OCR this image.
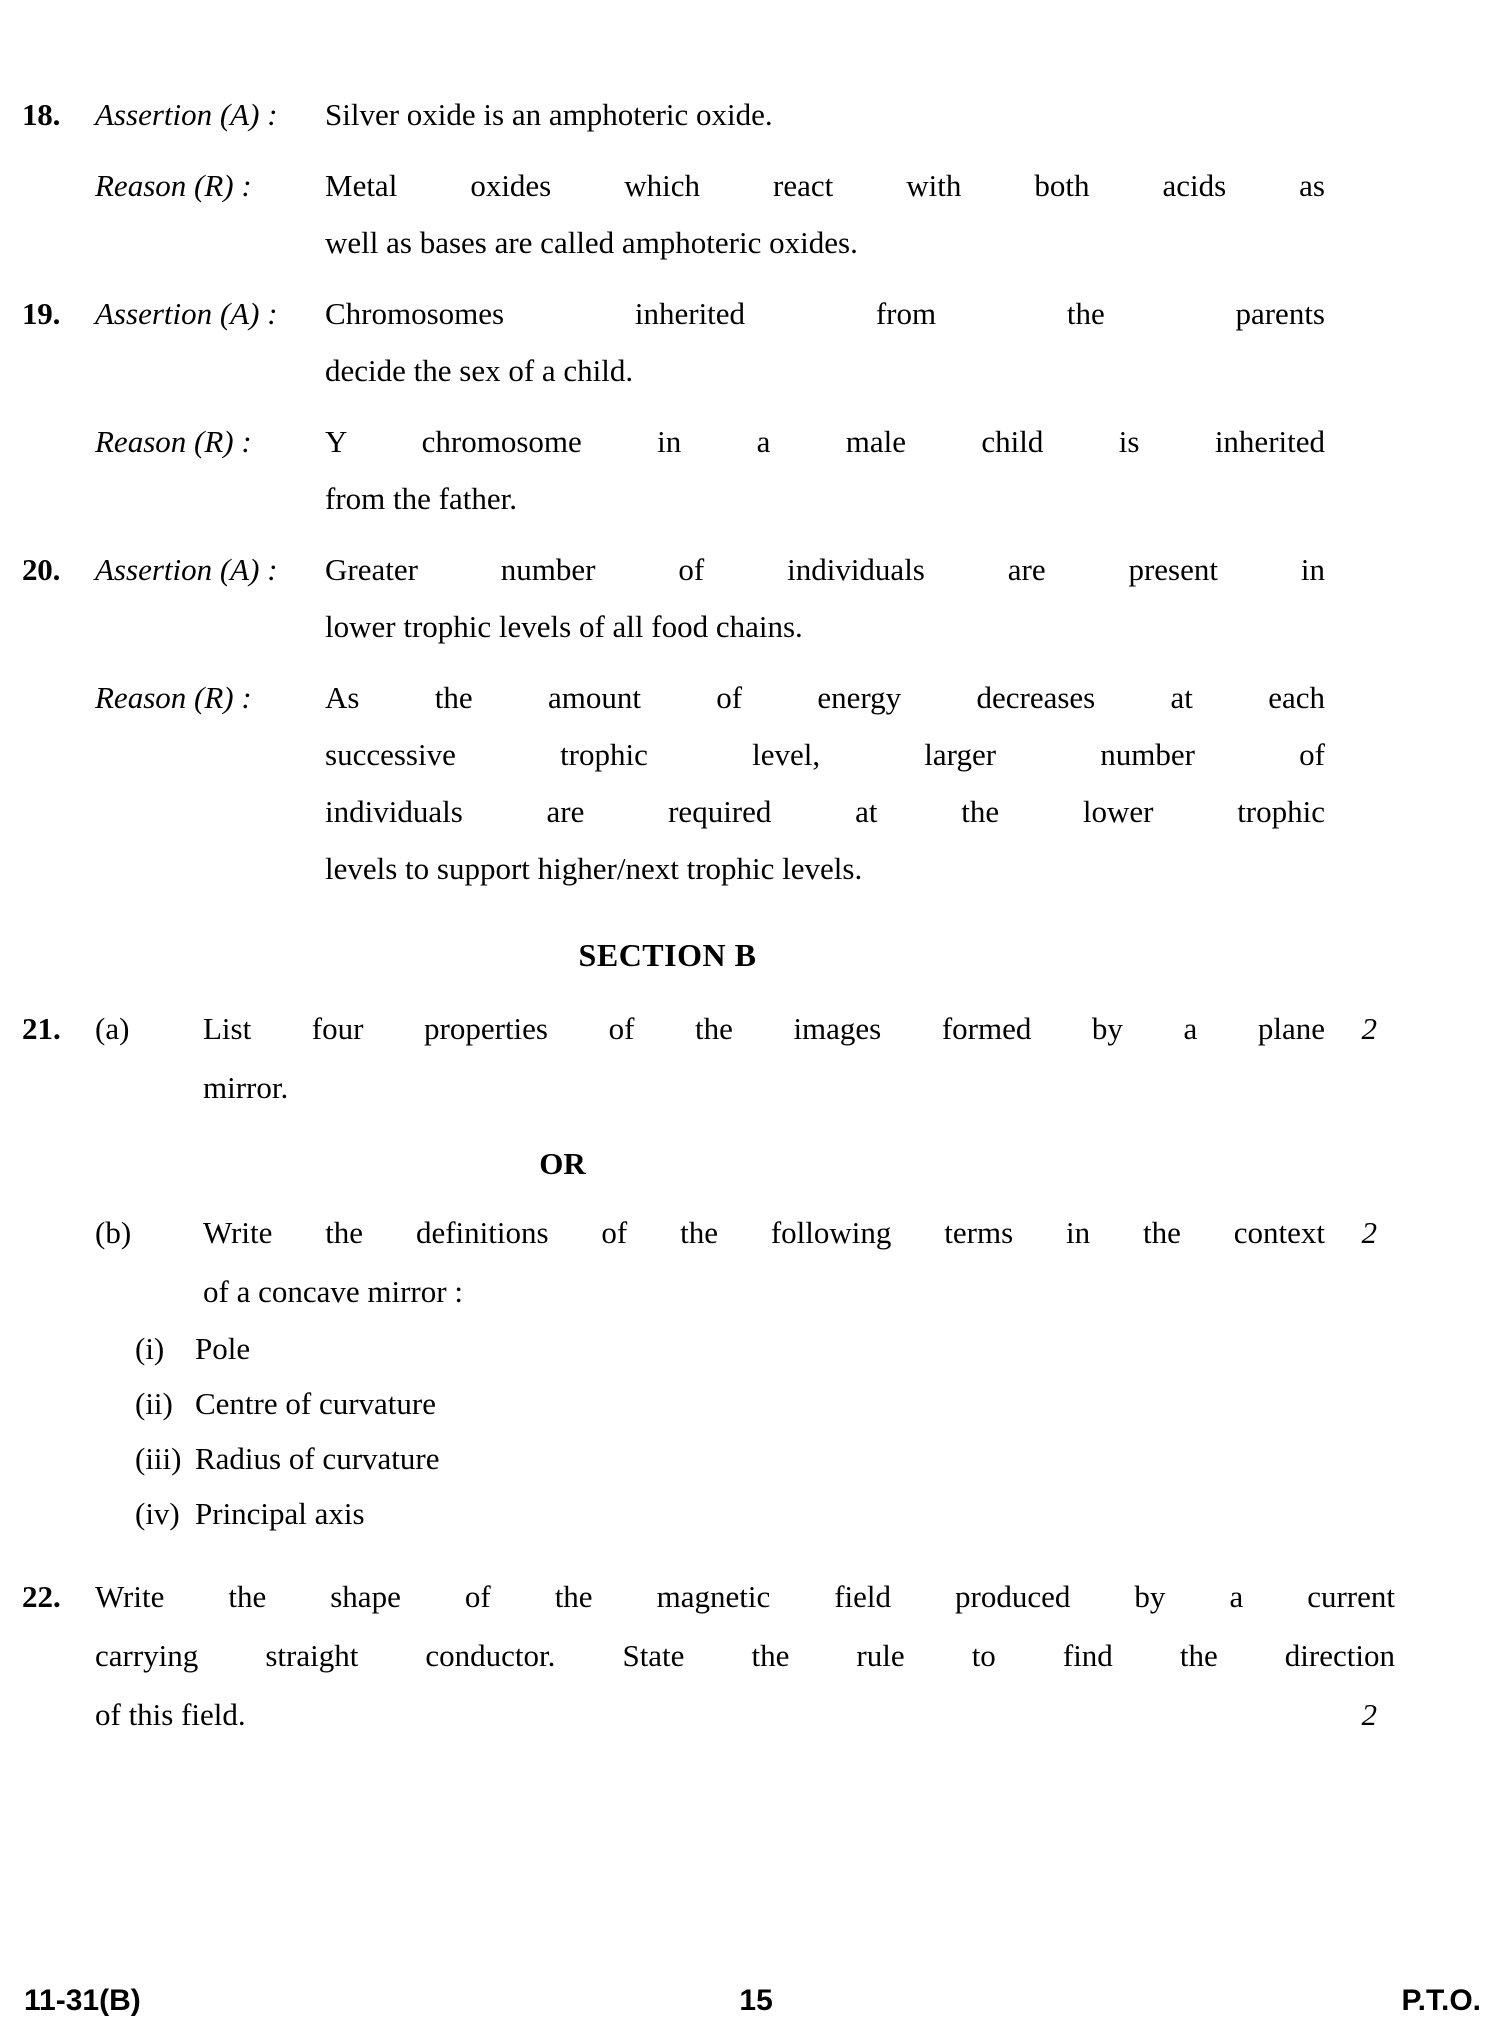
18.	Assertion (A) :	Silver oxide is an amphoteric oxide.
Reason (R) :	Metal oxides which react with both acids as
well as bases are called amphoteric oxides.
19.	Assertion (A) :	Chromosomes inherited from the parents
decide the sex of a child.
Reason (R) :	Y chromosome in a male child is inherited
from the father.
20.	Assertion (A) :	Greater number of individuals are present in
lower trophic levels of all food chains.
Reason (R) :	As the amount of energy decreases at each
successive trophic level, larger number of
individuals are required at the lower trophic
levels to support higher/next trophic levels.
SECTION B
21.	(a)	List four properties of the images formed by a plane
mirror.
2
OR
(b)	Write the definitions of the following terms in the context
of a concave mirror :
2
(i) Pole
(ii) Centre of curvature
(iii) Radius of curvature
(iv) Principal axis
22.	Write the shape of the magnetic field produced by a current
carrying straight conductor. State the rule to find the direction
of this field.	2
11-31(B)	15	P.T.O.
